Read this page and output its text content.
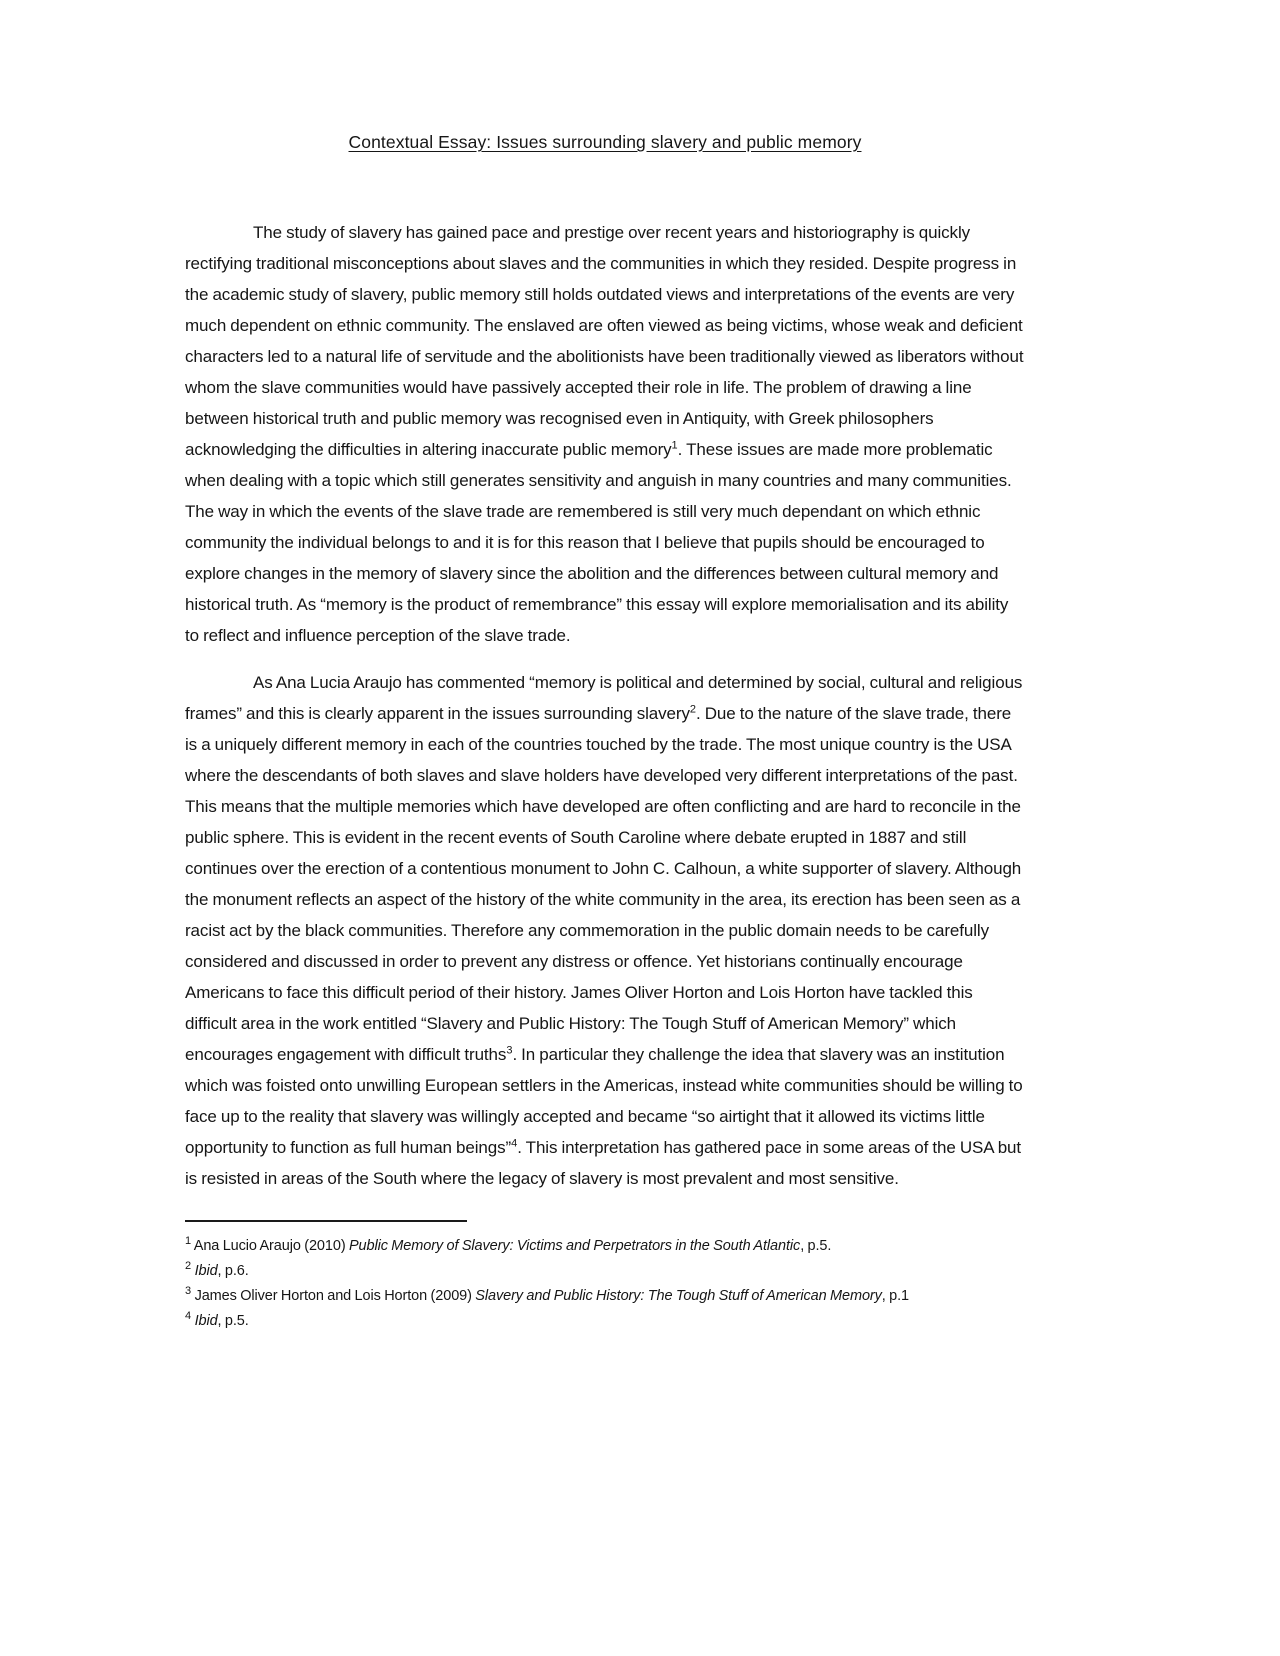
Contextual Essay: Issues surrounding slavery and public memory

The study of slavery has gained pace and prestige over recent years and historiography is quickly rectifying traditional misconceptions about slaves and the communities in which they resided. Despite progress in the academic study of slavery, public memory still holds outdated views and interpretations of the events are very much dependent on ethnic community. The enslaved are often viewed as being victims, whose weak and deficient characters led to a natural life of servitude and the abolitionists have been traditionally viewed as liberators without whom the slave communities would have passively accepted their role in life. The problem of drawing a line between historical truth and public memory was recognised even in Antiquity, with Greek philosophers acknowledging the difficulties in altering inaccurate public memory$^1$. These issues are made more problematic when dealing with a topic which still generates sensitivity and anguish in many countries and many communities. The way in which the events of the slave trade are remembered is still very much dependant on which ethnic community the individual belongs to and it is for this reason that I believe that pupils should be encouraged to explore changes in the memory of slavery since the abolition and the differences between cultural memory and historical truth. As “memory is the product of remembrance” this essay will explore memorialisation and its ability to reflect and influence perception of the slave trade.

As Ana Lucia Araujo has commented “memory is political and determined by social, cultural and religious frames” and this is clearly apparent in the issues surrounding slavery$^2$. Due to the nature of the slave trade, there is a uniquely different memory in each of the countries touched by the trade. The most unique country is the USA where the descendants of both slaves and slave holders have developed very different interpretations of the past. This means that the multiple memories which have developed are often conflicting and are hard to reconcile in the public sphere. This is evident in the recent events of South Caroline where debate erupted in 1887 and still continues over the erection of a contentious monument to John C. Calhoun, a white supporter of slavery. Although the monument reflects an aspect of the history of the white community in the area, its erection has been seen as a racist act by the black communities. Therefore any commemoration in the public domain needs to be carefully considered and discussed in order to prevent any distress or offence. Yet historians continually encourage Americans to face this difficult period of their history. James Oliver Horton and Lois Horton have tackled this difficult area in the work entitled “Slavery and Public History: The Tough Stuff of American Memory” which encourages engagement with difficult truths$^3$. In particular they challenge the idea that slavery was an institution which was foisted onto unwilling European settlers in the Americas, instead white communities should be willing to face up to the reality that slavery was willingly accepted and became “so airtight that it allowed its victims little opportunity to function as full human beings”$^4$. This interpretation has gathered pace in some areas of the USA but is resisted in areas of the South where the legacy of slavery is most prevalent and most sensitive.

$^1$ Ana Lucio Araujo (2010) Public Memory of Slavery: Victims and Perpetrators in the South Atlantic, p.5.
$^2$ Ibid, p.6.
$^3$ James Oliver Horton and Lois Horton (2009) Slavery and Public History: The Tough Stuff of American Memory, p.1
$^4$ Ibid, p.5.
